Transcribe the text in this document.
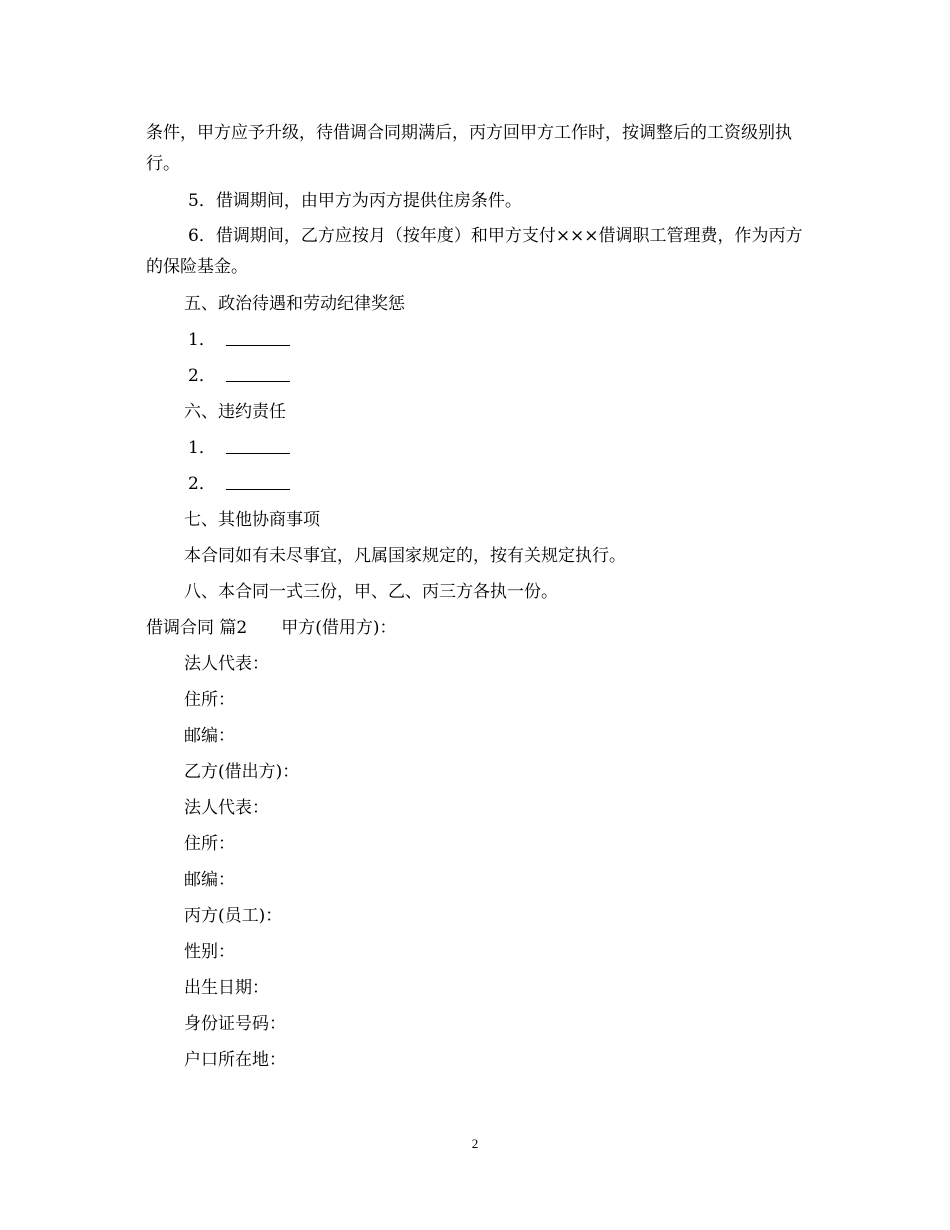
条件，甲方应予升级，待借调合同期满后，丙方回甲方工作时，按调整后的工资级别执行。
5．借调期间，由甲方为丙方提供住房条件。
6．借调期间，乙方应按月（按年度）和甲方支付×××借调职工管理费，作为丙方的保险基金。
五、政治待遇和劳动纪律奖惩
1．
2．
六、违约责任
1．
2．
七、其他协商事项
本合同如有未尽事宜，凡属国家规定的，按有关规定执行。
八、本合同一式三份，甲、乙、丙三方各执一份。
借调合同 篇2 甲方(借用方)：
法人代表：
住所：
邮编：
乙方(借出方)：
法人代表：
住所：
邮编：
丙方(员工)：
性别：
出生日期：
身份证号码：
户口所在地：
2
